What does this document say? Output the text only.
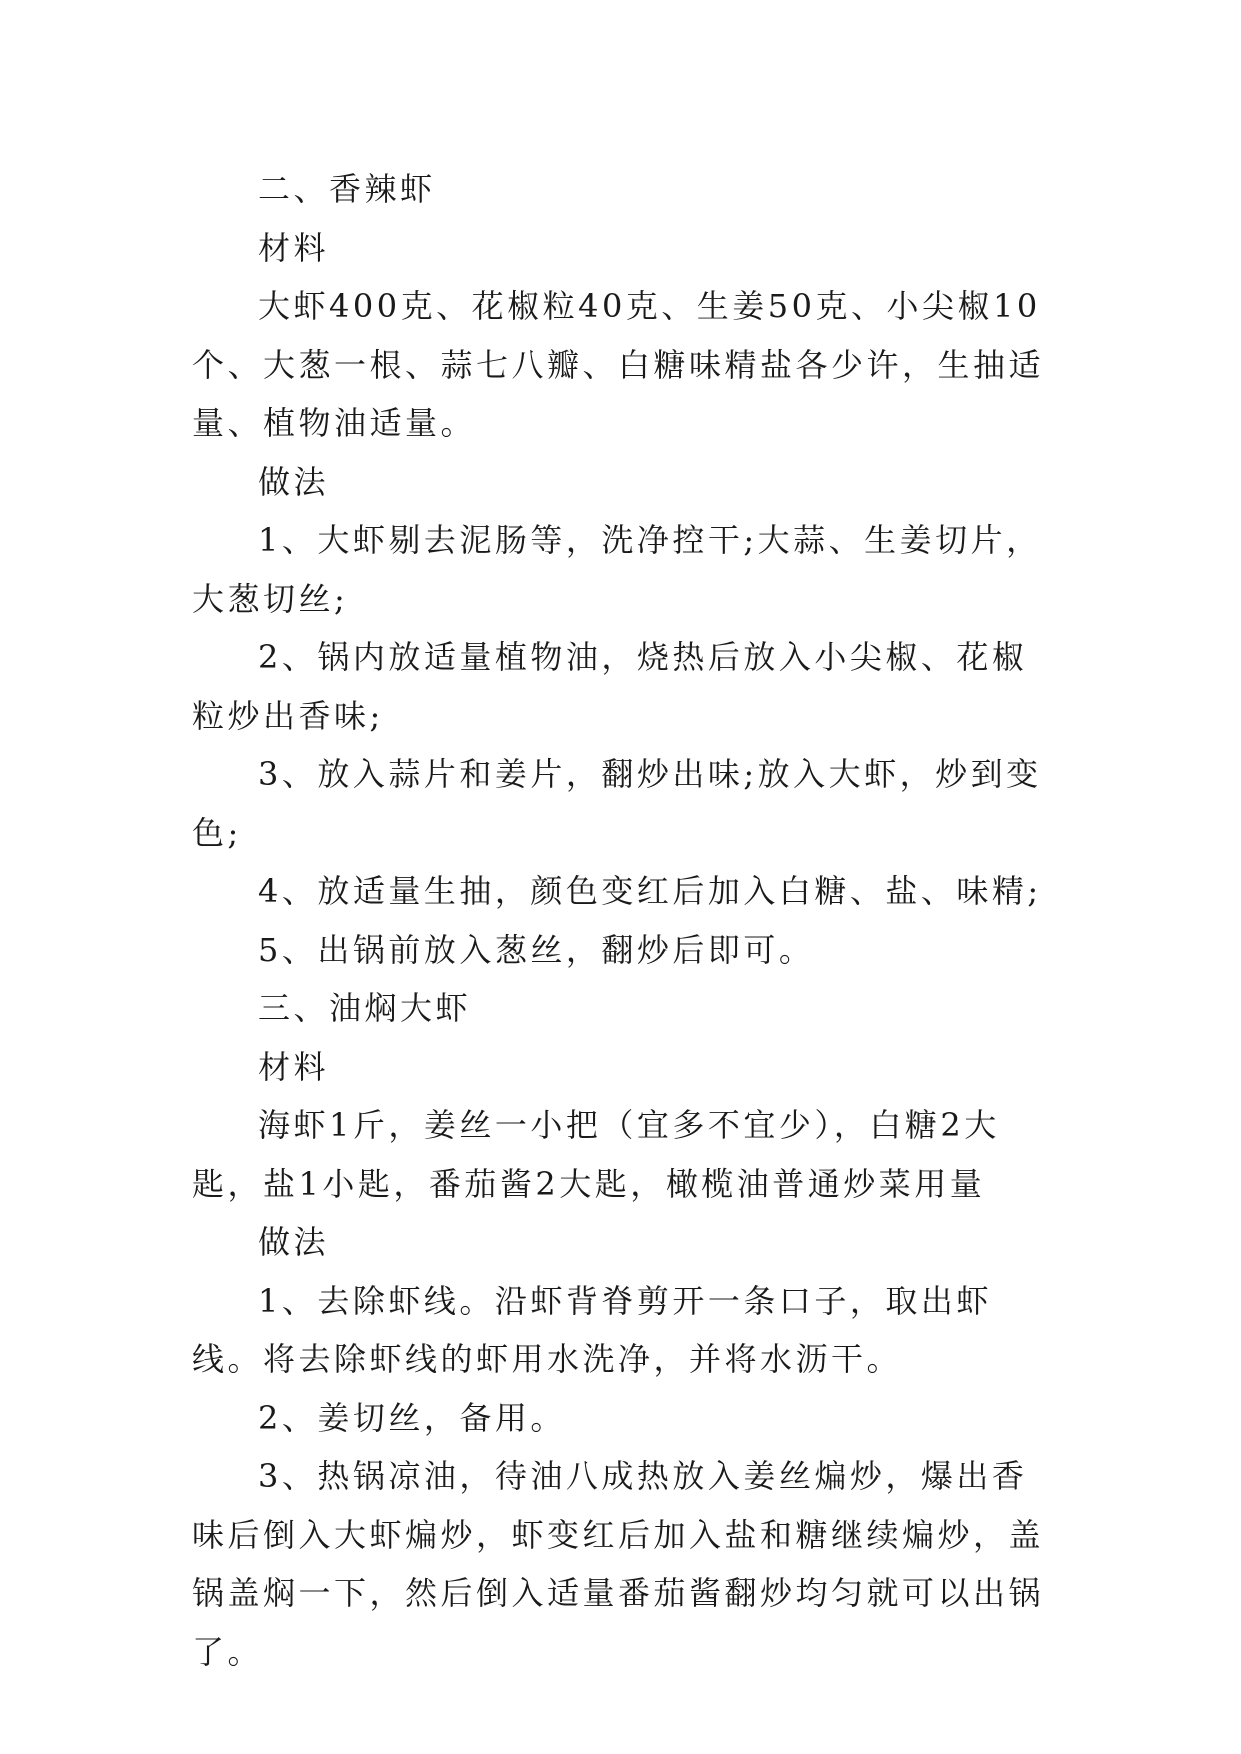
二、香辣虾

材料

大虾400克、花椒粒40克、生姜50克、小尖椒10个、大葱一根、蒜七八瓣、白糖味精盐各少许，生抽适量、植物油适量。

做法

1、大虾剔去泥肠等，洗净控干;大蒜、生姜切片，大葱切丝;

2、锅内放适量植物油，烧热后放入小尖椒、花椒粒炒出香味;

3、放入蒜片和姜片，翻炒出味;放入大虾，炒到变色;

4、放适量生抽，颜色变红后加入白糖、盐、味精;

5、出锅前放入葱丝，翻炒后即可。

三、油焖大虾

材料

海虾1斤，姜丝一小把（宜多不宜少），白糖2大匙，盐1小匙，番茄酱2大匙，橄榄油普通炒菜用量

做法

1、去除虾线。沿虾背脊剪开一条口子，取出虾线。将去除虾线的虾用水洗净，并将水沥干。

2、姜切丝，备用。

3、热锅凉油，待油八成热放入姜丝煸炒，爆出香味后倒入大虾煸炒，虾变红后加入盐和糖继续煸炒，盖锅盖焖一下，然后倒入适量番茄酱翻炒均匀就可以出锅了。
